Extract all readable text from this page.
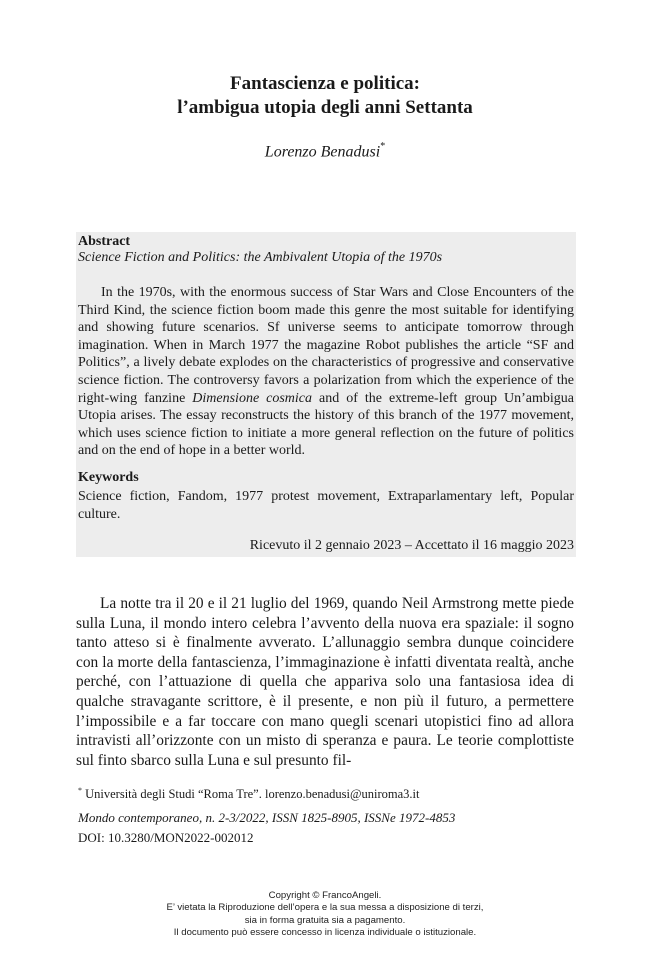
Fantascienza e politica:
l’ambigua utopia degli anni Settanta
Lorenzo Benadusi*
Abstract
Science Fiction and Politics: the Ambivalent Utopia of the 1970s

In the 1970s, with the enormous success of Star Wars and Close Encounters of the Third Kind, the science fiction boom made this genre the most suitable for identifying and showing future scenarios. Sf universe seems to anticipate tomorrow through imagination. When in March 1977 the magazine Robot publishes the article “SF and Politics”, a lively debate explodes on the characteristics of progressive and conservative science fiction. The controversy favors a polarization from which the experience of the right-wing fanzine Dimensione cosmica and of the extreme-left group Un’ambigua Utopia arises. The essay reconstructs the history of this branch of the 1977 movement, which uses science fiction to initiate a more general reflection on the future of politics and on the end of hope in a better world.

Keywords
Science fiction, Fandom, 1977 protest movement, Extraparlamentary left, Popular culture.
Ricevuto il 2 gennaio 2023 – Accettato il 16 maggio 2023

La notte tra il 20 e il 21 luglio del 1969, quando Neil Armstrong mette piede sulla Luna, il mondo intero celebra l’avvento della nuova era spaziale: il sogno tanto atteso si è finalmente avverato. L’allunaggio sembra dunque coincidere con la morte della fantascienza, l’immaginazione è infatti diventata realtà, anche perché, con l’attuazione di quella che appariva solo una fantasiosa idea di qualche stravagante scrittore, è il presente, e non più il futuro, a permettere l’impossibile e a far toccare con mano quegli scenari utopistici fino ad allora intravisti all’orizzonte con un misto di speranza e paura. Le teorie complottiste sul finto sbarco sulla Luna e sul presunto fil-

* Università degli Studi “Roma Tre”. lorenzo.benadusi@uniroma3.it
Mondo contemporaneo, n. 2-3/2022, ISSN 1825-8905, ISSNe 1972-4853
DOI: 10.3280/MON2022-002012
Copyright © FrancoAngeli.
E’ vietata la Riproduzione dell’opera e la sua messa a disposizione di terzi,
sia in forma gratuita sia a pagamento.
Il documento può essere concesso in licenza individuale o istituzionale.
